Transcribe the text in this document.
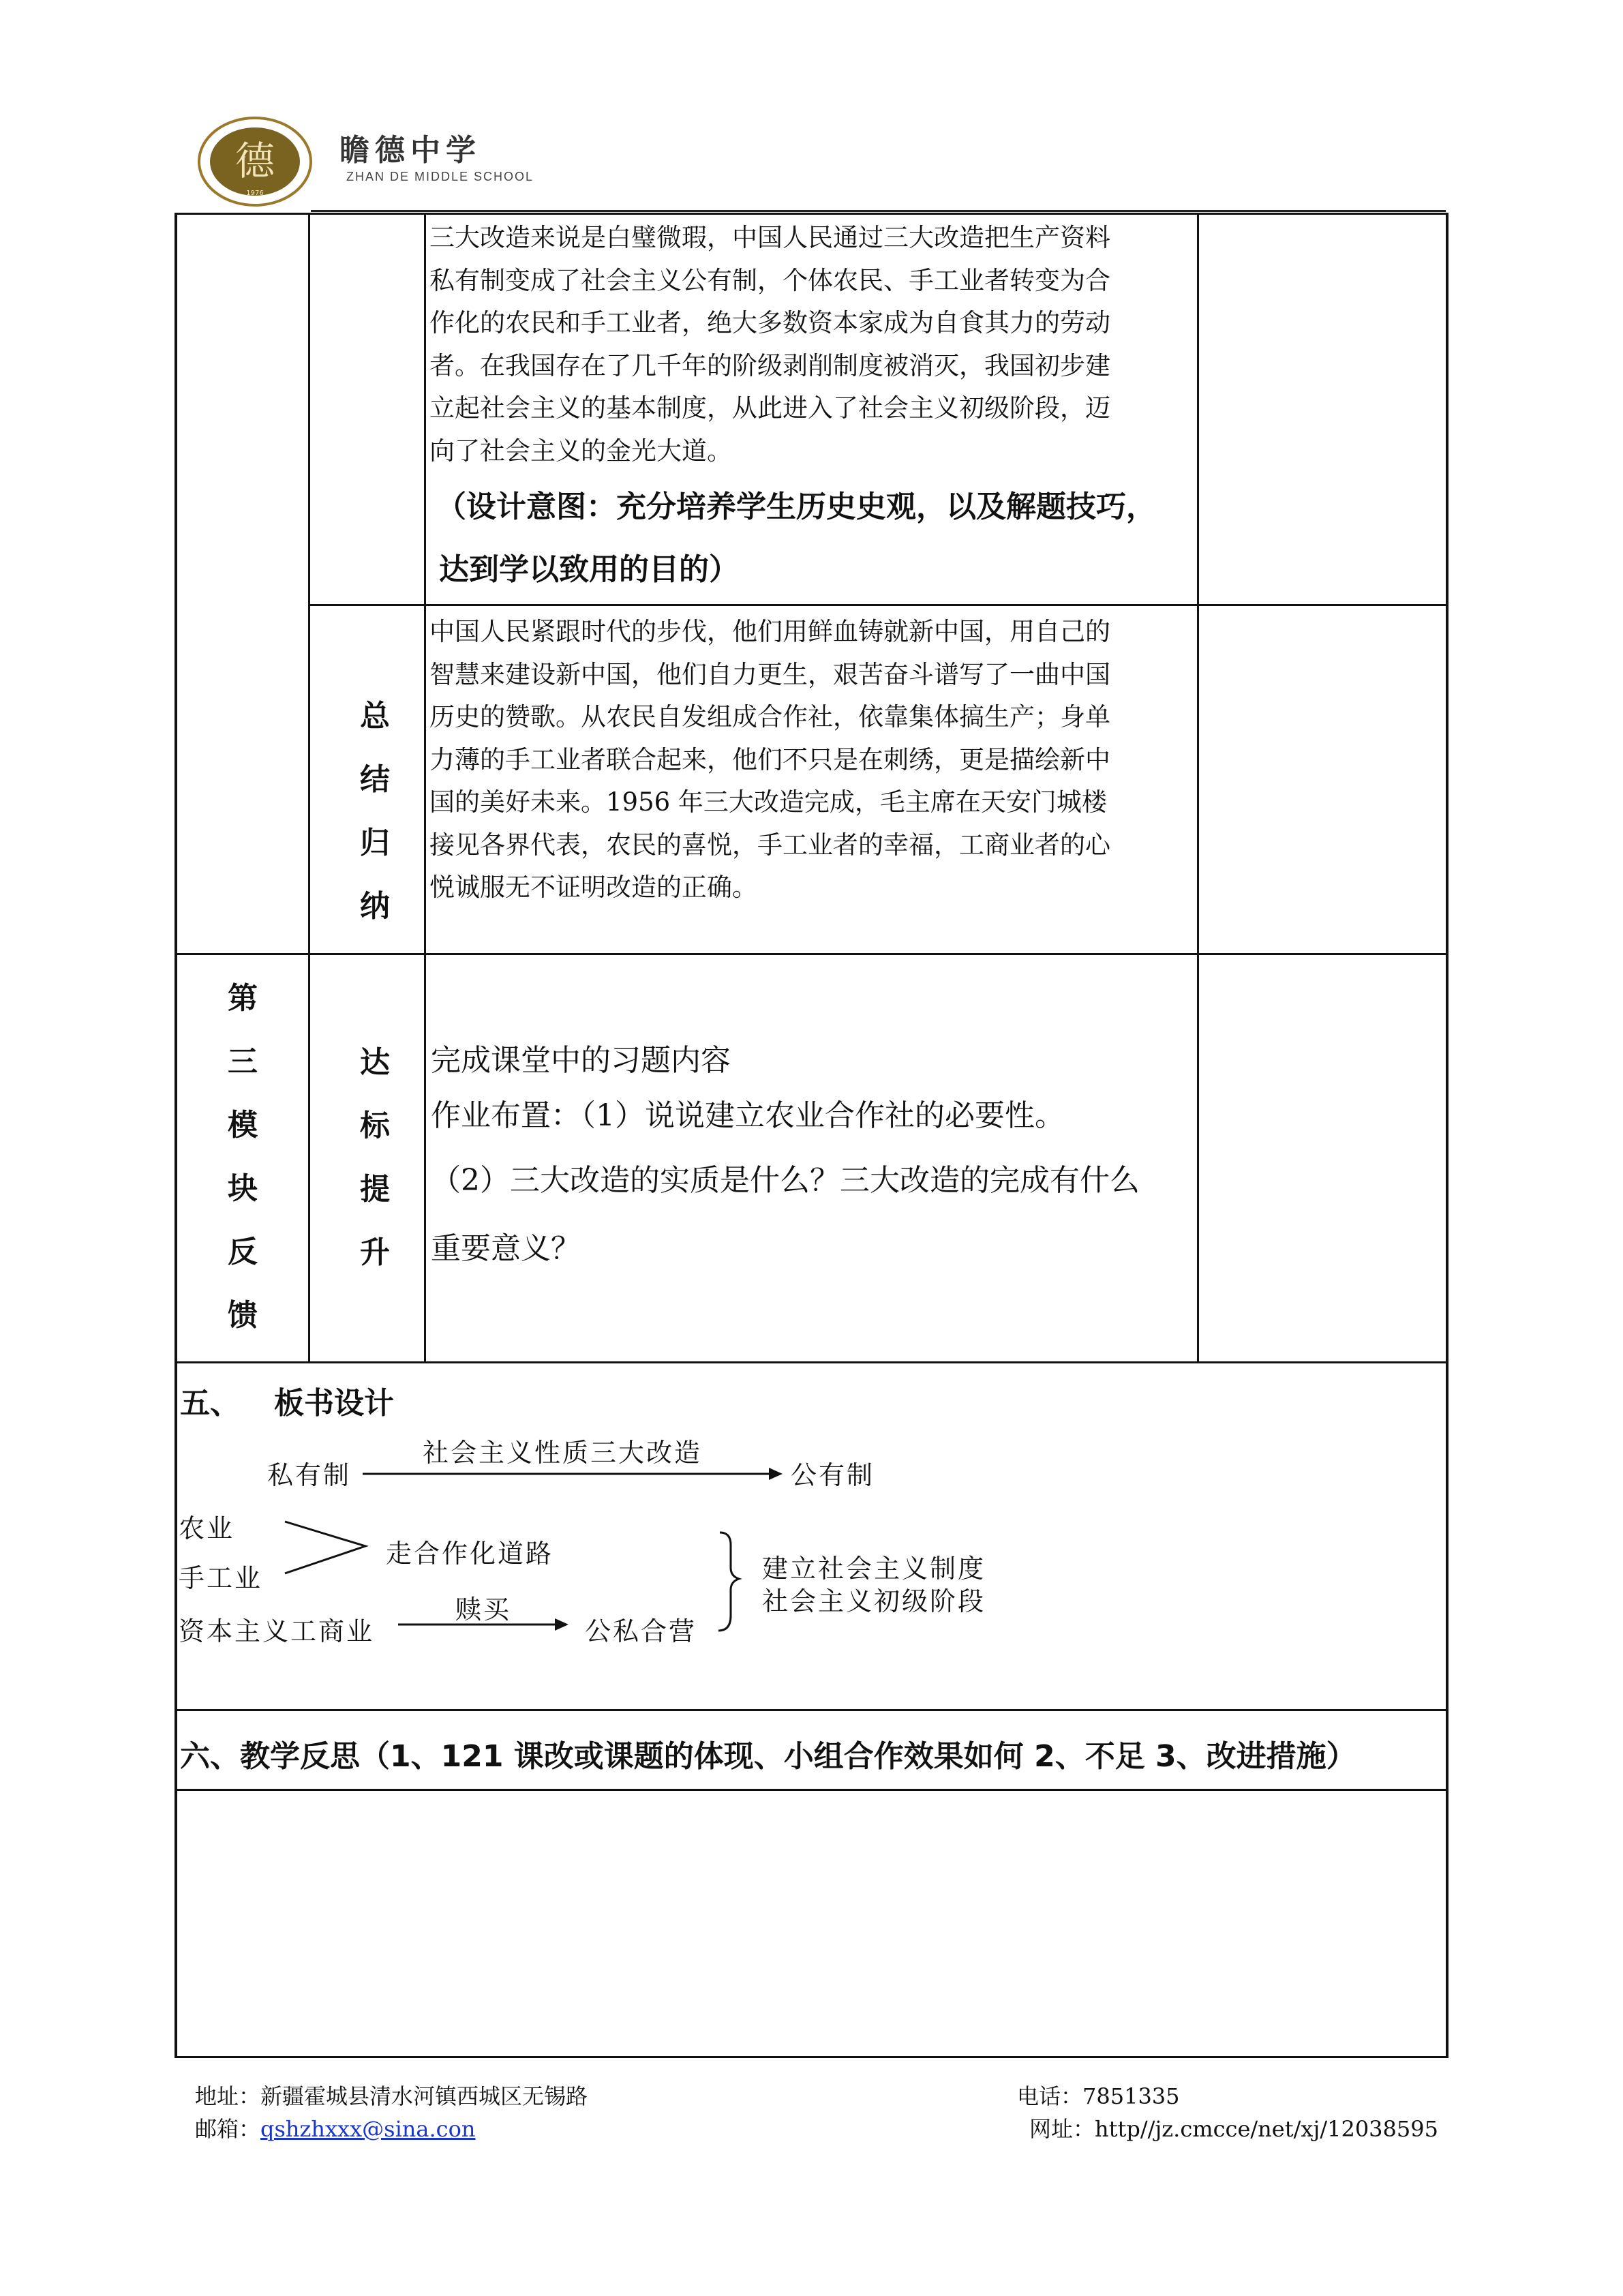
德
1976
瞻德中学
ZHAN DE MIDDLE SCHOOL
三大改造来说是白璧微瑕，中国人民通过三大改造把生产资料
私有制变成了社会主义公有制，个体农民、手工业者转变为合
作化的农民和手工业者，绝大多数资本家成为自食其力的劳动
者。在我国存在了几千年的阶级剥削制度被消灭，我国初步建
立起社会主义的基本制度，从此进入了社会主义初级阶段，迈
向了社会主义的金光大道。
（设计意图：充分培养学生历史史观，以及解题技巧，
达到学以致用的目的）
总
结
归
纳
中国人民紧跟时代的步伐，他们用鲜血铸就新中国，用自己的
智慧来建设新中国，他们自力更生，艰苦奋斗谱写了一曲中国
历史的赞歌。从农民自发组成合作社，依靠集体搞生产；身单
力薄的手工业者联合起来，他们不只是在刺绣，更是描绘新中
国的美好未来。1956 年三大改造完成，毛主席在天安门城楼
接见各界代表，农民的喜悦，手工业者的幸福，工商业者的心
悦诚服无不证明改造的正确。
第
三
模
块
反
馈
达
标
提
升
完成课堂中的习题内容
作业布置：（1）说说建立农业合作社的必要性。
（2）三大改造的实质是什么？三大改造的完成有什么
重要意义？
五、 板书设计
私有制
社会主义性质三大改造
公有制
农业
手工业
走合作化道路
资本主义工商业
赎买
公私合营
建立社会主义制度
社会主义初级阶段
六、教学反思（1、121 课改或课题的体现、小组合作效果如何 2、不足 3、改进措施）
地址：新疆霍城县清水河镇西城区无锡路	电话：7851335
邮箱：qshzhxxx@sina.con	网址：http//jz.cmcce/net/xj/12038595
